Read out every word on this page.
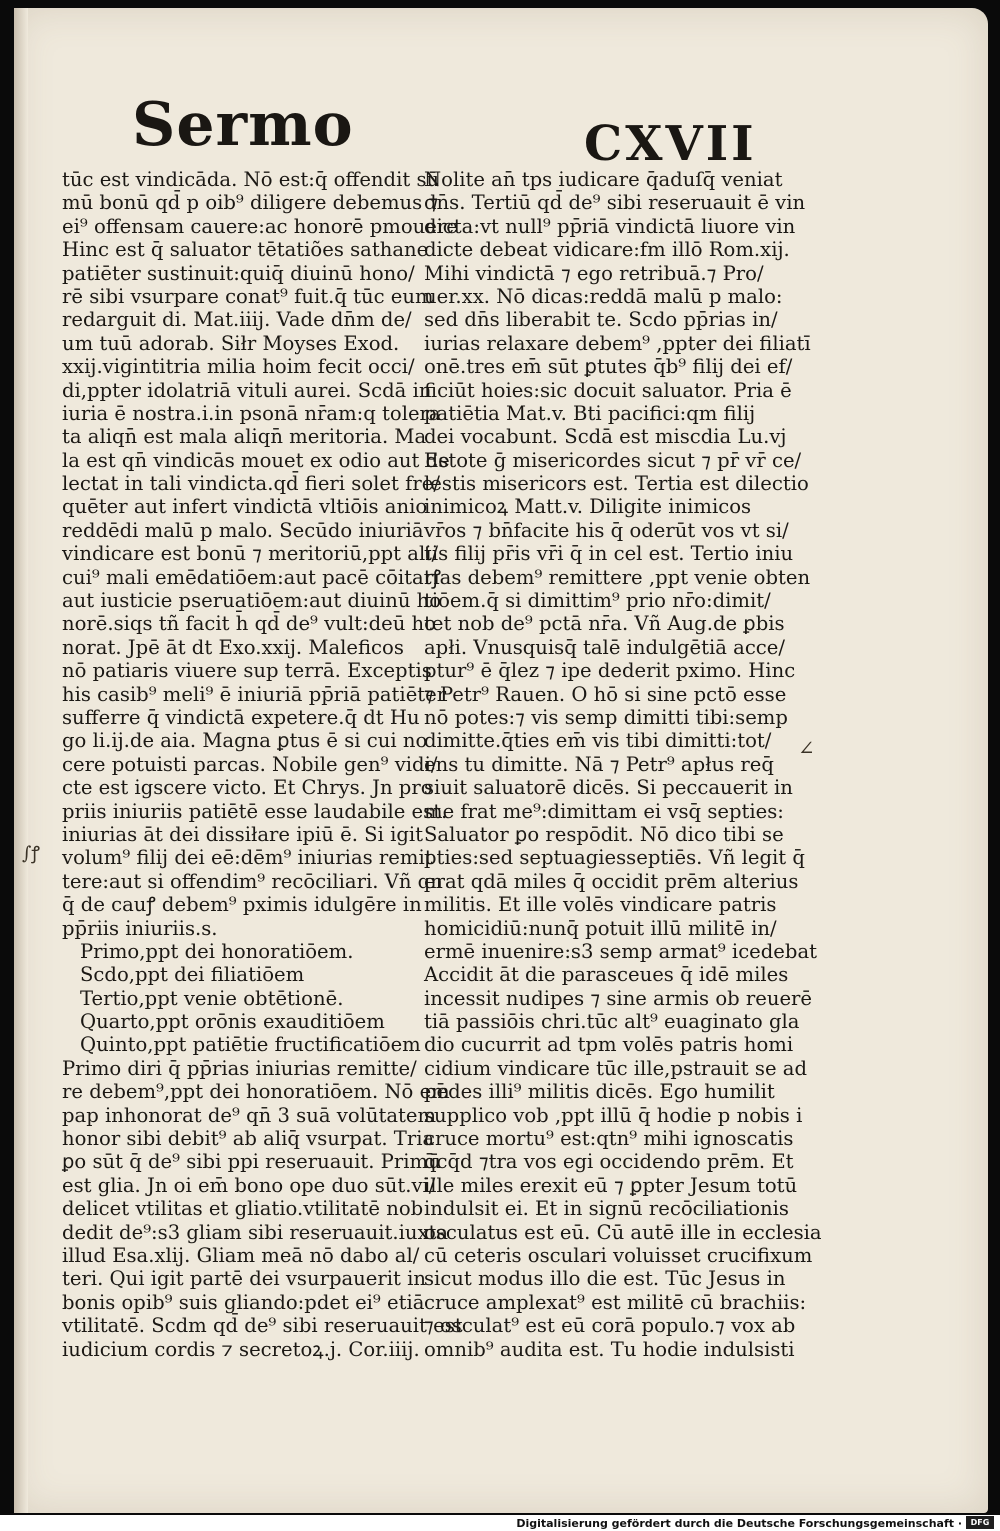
Sermo	CXVII
tūc est vindicāda. Nō est:q̄ offendit sū
mū bonū qd̄ p oib⁹ diligere debemus ⁊
ei⁹ offensam cauere:ac honorē pmouere
Hinc est q̄ saluator tētatiões sathane
patiēter sustinuit:quiq̄ diuinū hono/
rē sibi vsurpare conat⁹ fuit.q̄ tūc eum
redarguit di. Mat.iiij. Vade dn̄m de/
um tuū adorab. Siłr Moyses Exod.
xxij.vigintitria milia hoim fecit occi/
di,ppter idolatriā vituli aurei. Scdā in
iuria ē nostra.i.in psonā nr̄am:q tolera
ta aliqn̄ est mala aliqn̄ meritoria. Ma
la est qn̄ vindicās mouet ex odio aut de
lectat in tali vindicta.qd̄ fieri solet fre/
quēter aut infert vindictā vltiōis anio
reddēdi malū p malo. Secūdo iniuriā
vindicare est bonū ⁊ meritoriū,ppt ali/
cui⁹ mali emēdatiōem:aut pacē cōitatꝭ
aut iusticie pseruatiōem:aut diuinū ho
norē.siqs tñ facit h̄ qd̄ de⁹ vult:deū ho
norat. Jpē āt dt Exo.xxij. Maleficos
nō patiaris viuere sup terrā. Exceptis
his casib⁹ meli⁹ ē iniuriā pp̄riā patiēter
sufferre q̄ vindictā expetere.q̄ dt Hu
go li.ij.de aia. Magna ꝑtus ē si cui no
cere potuisti parcas. Nobile gen⁹ vidi/
cte est igscere victo. Et Chrys. Jn pro
priis iniuriis patiētē esse laudabile est.
iniurias āt dei dissiłare ipiū ē. Si igit
volum⁹ filij dei eē:dēm⁹ iniurias remit
tere:aut si offendim⁹ recōciliari. Vñ qn
q̄ de cauꝭ debem⁹ pximis idulgēre in
pp̄riis iniuriis.s.
Primo,ppt dei honoratiōem.
Scdo,ppt dei filiatiōem
Tertio,ppt venie obtētionē.
Quarto,ppt orōnis exauditiōem
Quinto,ppt patiētie fructificatiōem
Primo diri q̄ pp̄rias iniurias remitte/
re debem⁹,ppt dei honoratiōem. Nō em̄
pap inhonorat de⁹ qn̄ 3 suā volūtatem
honor sibi debit⁹ ab aliq̄ vsurpat. Tria
ꝑo sūt q̄ de⁹ sibi ppi reseruauit. Primū
est glia. Jn oi em̄ bono ope duo sūt.vi/
delicet vtilitas et gliatio.vtilitatē nob
dedit de⁹:s3 gliam sibi reseruauit.iuxta
illud Esa.xlij. Gliam meā nō dabo al/
teri. Qui igit partē dei vsurpauerit in
bonis opib⁹ suis gliando:pdet ei⁹ etiā
vtilitatē. Scdm qd̄ de⁹ sibi reseruauit est
iudicium cordis ⁊ secretoꝝ.j. Cor.iiij.
Nolite an̄ tps iudicare q̄aduſq̄ veniat
dn̄s. Tertiū qd̄ de⁹ sibi reseruauit ē vin
dicta:vt null⁹ pp̄riā vindictā liuore vin
dicte debeat vidicare:fm illō Rom.xij.
Mihi vindictā ⁊ ego retribuā.⁊ Pro/
uer.xx. Nō dicas:reddā malū p malo:
sed dn̄s liberabit te. Scdo pp̄rias in/
iurias relaxare debem⁹ ,ppter dei filiatī
onē.tres em̄ sūt ꝑtutes q̄b⁹ filij dei ef/
ficiūt hoies:sic docuit saluator. Pria ē
patiētia Mat.v. Bti pacifici:qm filij
dei vocabunt. Scdā est miscdia Lu.vj
Estote ḡ misericordes sicut ⁊ pr̄ vr̄ ce/
lestis misericors est. Tertia est dilectio
inimicoꝝ Matt.v. Diligite inimicos
vr̄os ⁊ bn̄facite his q̄ oderūt vos vt si/
tis filij pr̄is vr̄i q̄ in cel est. Tertio iniu
rias debem⁹ remittere ,ppt venie obten
tiōem.q̄ si dimittim⁹ prio nr̄o:dimit/
tet nob de⁹ pctā nr̄a. Vñ Aug.de ꝑbis
apłi. Vnusquisq̄ talē indulgētiā acce/
ptur⁹ ē q̄lez ⁊ ipe dederit pximo. Hinc
⁊ Petr⁹ Rauen. O hō si sine pctō esse
nō potes:⁊ vis semp dimitti tibi:semp
dimitte.q̄ties em̄ vis tibi dimitti:tot/
ens tu dimitte. Nā ⁊ Petr⁹ apłus req̄
siuit saluatorē dicēs. Si peccauerit in
me frat me⁹:dimittam ei vsq̄ septies:
Saluator ꝑo respōdit. Nō dico tibi se
pties:sed septuagiesseptiēs. Vñ legit q̄
erat qdā miles q̄ occidit prēm alterius
militis. Et ille volēs vindicare patris
homicidiū:nunq̄ potuit illū militē in/
ermē inuenire:s3 semp armat⁹ icedebat
Accidit āt die parasceues q̄ idē miles
incessit nudipes ⁊ sine armis ob reuerē
tiā passiōis chri.tūc alt⁹ euaginato gla
dio cucurrit ad tpm volēs patris homi
cidium vindicare tūc ille,pstrauit se ad
pedes illi⁹ militis dicēs. Ego humilit
supplico vob ,ppt illū q̄ hodie p nobis i
cruce mortu⁹ est:qtn⁹ mihi ignoscatis
q̄cq̄d ⁊tra vos egi occidendo prēm. Et
ille miles erexit eū ⁊ ꝑpter Jesum totū
indulsit ei. Et in signū recōciliationis
osculatus est eū. Cū autē ille in ecclesia
cū ceteris osculari voluisset crucifixum
sicut modus illo die est. Tūc Jesus in
cruce amplexat⁹ est militē cū brachiis:
⁊ osculat⁹ est eū corā populo.⁊ vox ab
omnib⁹ audita est. Tu hodie indulsisti
∫ꝭ
∠
Digitalisierung gefördert durch die Deutsche Forschungsgemeinschaft ·	DFG
